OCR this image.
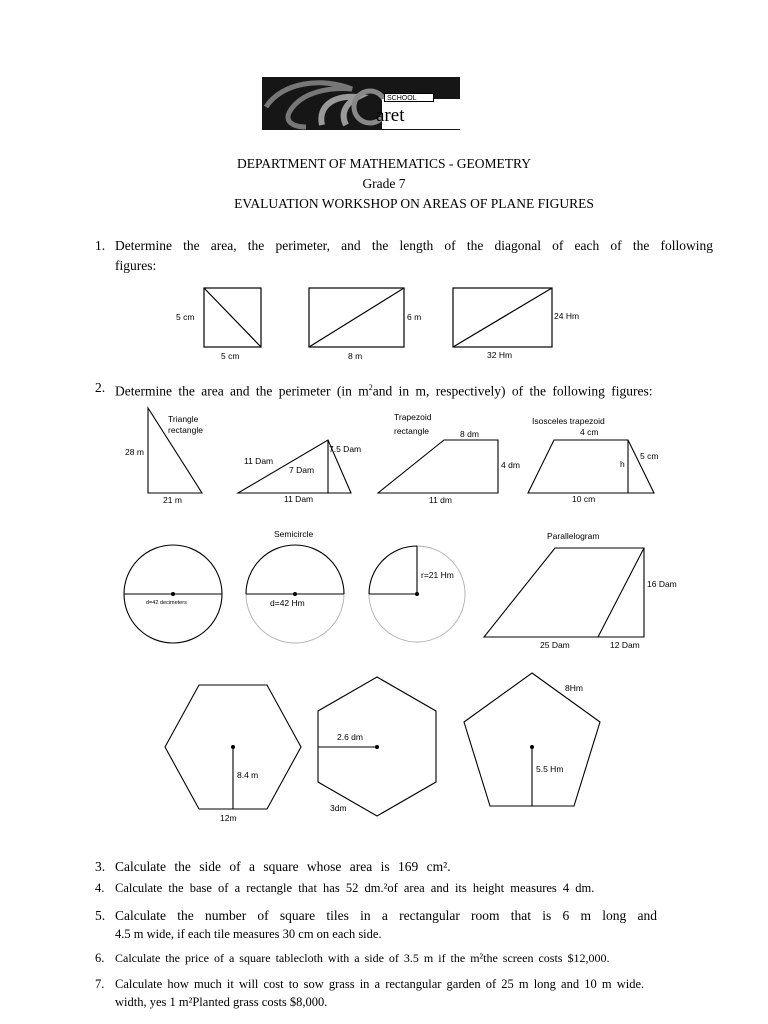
SCHOOL
aret
DEPARTMENT OF MATHEMATICS - GEOMETRY
Grade 7
EVALUATION WORKSHOP ON AREAS OF PLANE FIGURES
1. Determine the area, the perimeter, and the length of the diagonal of each of the following
figures:
5 cm
5 cm
6 m
8 m
24 Hm
32 Hm
2. Determine the area and the perimeter (in $m^2and$ in m, respectively) of the following figures:
Triangle
rectangle
28 m
21 m
11 Dam
7.5 Dam
7 Dam
11 Dam
Trapezoid
rectangle	8 dm
4 dm
11 dm
Isosceles trapezoid
4 cm
5 cm
h
10 cm
d=42 decimeters
Semicircle
d=42 Hm
r=21 Hm
Parallelogram
16 Dam
25 Dam	12 Dam
8.4 m
12m
2.6 dm
3dm
8Hm
5.5 Hm
3. Calculate the side of a square whose area is 169 cm².
4. Calculate the base of a rectangle that has 52 dm.²of area and its height measures 4 dm.
5. Calculate the number of square tiles in a rectangular room that is 6 m long and
4.5 m wide, if each tile measures 30 cm on each side.
6. Calculate the price of a square tablecloth with a side of 3.5 m if the m²the screen costs $12,000.
7. Calculate how much it will cost to sow grass in a rectangular garden of 25 m long and 10 m wide.
width, yes 1 m²Planted grass costs $8,000.
